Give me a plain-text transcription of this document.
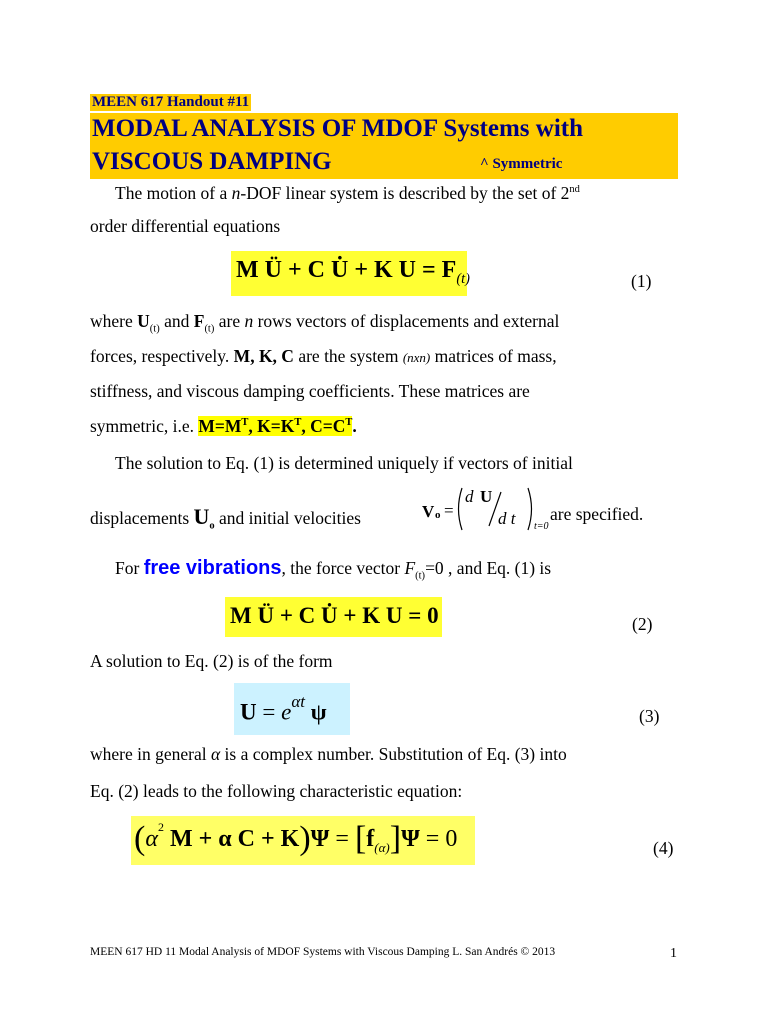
MEEN 617 Handout #11
MODAL ANALYSIS OF MDOF Systems with
VISCOUS DAMPING	^ Symmetric
The motion of a n-DOF linear system is described by the set of 2nd
order differential equations
M Ü + C U̇ + K $U = F_{(t)}$	(1)
where $U_{(t)}$ and $F_{(t)}$ are n rows vectors of displacements and external
forces, respectively. M, K, C are the system (nxn) matrices of mass,
stiffness, and viscous damping coefficients. These matrices are
symmetric, i.e. $M=M^T$, $K=K^T$, $C=C^T$.
The solution to Eq. (1) is determined uniquely if vectors of initial
displacements $U_o$ and initial velocities	V o =
d U
d t t=0
are specified.
For free vibrations, the force vector $F_{(t)}=0$ , and Eq. (1) is
M Ü + C U̇ + K U = 0	(2)
A solution to Eq. (2) is of the form
$U = e^{\alpha t}$ ψ	(3)
where in general α is a complex number. Substitution of Eq. (3) into
Eq. (2) leads to the following characteristic equation:
($\alpha^2$ M + α $C + K)\Psi = [f_{(\alpha)}]\Psi = 0$	(4)
MEEN 617 HD 11 Modal Analysis of MDOF Systems with Viscous Damping L. San Andrés © 2013	1
